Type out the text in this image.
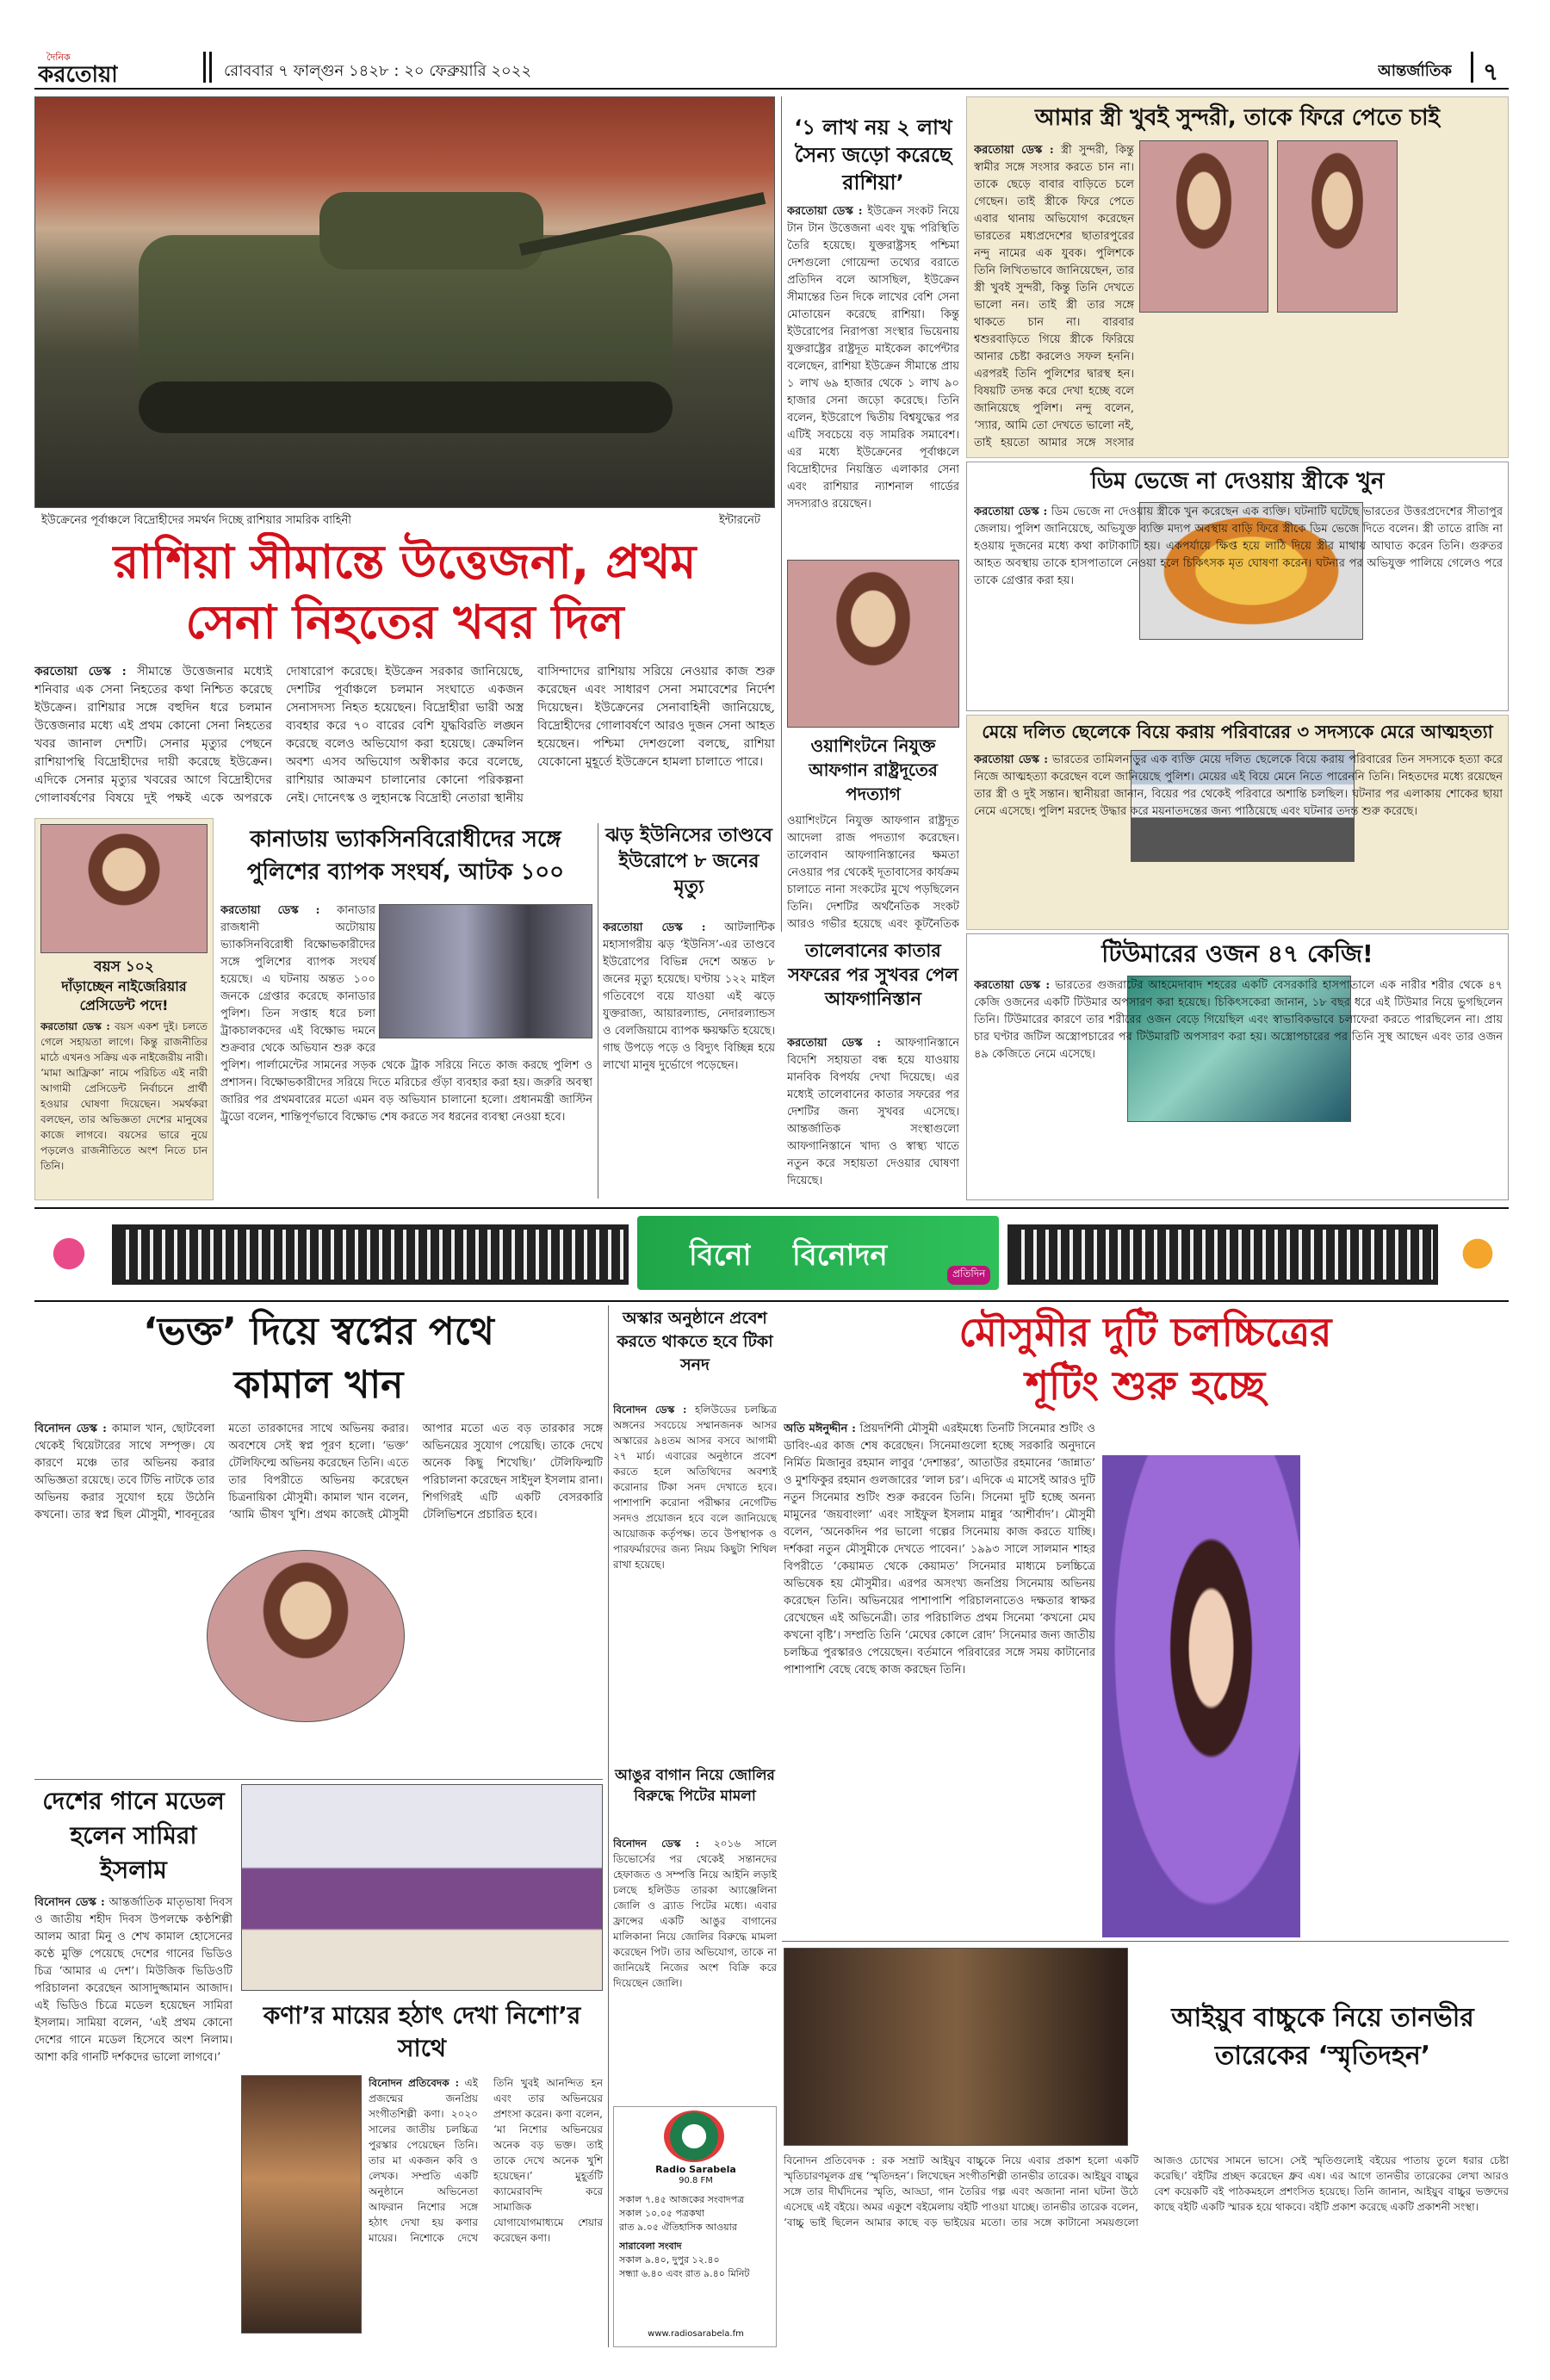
দৈনিক
করতোয়া	রোববার ৭ ফাল্গুন ১৪২৮ : ২০ ফেব্রুয়ারি ২০২২	আন্তর্জাতিক ৭
ইউক্রেনের পূর্বাঞ্চলে বিদ্রোহীদের সমর্থন দিচ্ছে রাশিয়ার সামরিক বাহিনী	ইন্টারনেট
রাশিয়া সীমান্তে উত্তেজনা, প্রথম
সেনা নিহতের খবর দিল
করতোয়া ডেস্ক : সীমান্তে উত্তেজনার মধ্যেই শনিবার এক সেনা নিহতের কথা নিশ্চিত করেছে ইউক্রেন। রাশিয়ার সঙ্গে বহুদিন ধরে চলমান উত্তেজনার মধ্যে এই প্রথম কোনো সেনা নিহতের খবর জানাল দেশটি। সেনার মৃত্যুর পেছনে রাশিয়াপন্থি বিদ্রোহীদের দায়ী করেছে ইউক্রেন। এদিকে সেনার মৃত্যুর খবরের আগে বিদ্রোহীদের গোলাবর্ষণের বিষয়ে দুই পক্ষই একে অপরকে দোষারোপ করেছে। ইউক্রেন সরকার জানিয়েছে, দেশটির পূর্বাঞ্চলে চলমান সংঘাতে একজন সেনাসদস্য নিহত হয়েছেন। বিদ্রোহীরা ভারী অস্ত্র ব্যবহার করে ৭০ বারের বেশি যুদ্ধবিরতি লঙ্ঘন করেছে বলেও অভিযোগ করা হয়েছে। ক্রেমলিন অবশ্য এসব অভিযোগ অস্বীকার করে বলেছে, রাশিয়ার আক্রমণ চালানোর কোনো পরিকল্পনা নেই। দোনেৎস্ক ও লুহানস্কে বিদ্রোহী নেতারা স্থানীয় বাসিন্দাদের রাশিয়ায় সরিয়ে নেওয়ার কাজ শুরু করেছেন এবং সাধারণ সেনা সমাবেশের নির্দেশ দিয়েছেন। ইউক্রেনের সেনাবাহিনী জানিয়েছে, বিদ্রোহীদের গোলাবর্ষণে আরও দুজন সেনা আহত হয়েছেন। পশ্চিমা দেশগুলো বলছে, রাশিয়া যেকোনো মুহূর্তে ইউক্রেনে হামলা চালাতে পারে।
‘১ লাখ নয় ২ লাখ সৈন্য জড়ো করেছে রাশিয়া’
করতোয়া ডেস্ক : ইউক্রেন সংকট নিয়ে টান টান উত্তেজনা এবং যুদ্ধ পরিস্থিতি তৈরি হয়েছে। যুক্তরাষ্ট্রসহ পশ্চিমা দেশগুলো গোয়েন্দা তথ্যের বরাতে প্রতিদিন বলে আসছিল, ইউক্রেন সীমান্তের তিন দিকে লাখের বেশি সেনা মোতায়েন করেছে রাশিয়া। কিন্তু ইউরোপের নিরাপত্তা সংস্থার ভিয়েনায় যুক্তরাষ্ট্রের রাষ্ট্রদূত মাইকেল কার্পেন্টার বলেছেন, রাশিয়া ইউক্রেন সীমান্তে প্রায় ১ লাখ ৬৯ হাজার থেকে ১ লাখ ৯০ হাজার সেনা জড়ো করেছে। তিনি বলেন, ইউরোপে দ্বিতীয় বিশ্বযুদ্ধের পর এটিই সবচেয়ে বড় সামরিক সমাবেশ। এর মধ্যে ইউক্রেনের পূর্বাঞ্চলে বিদ্রোহীদের নিয়ন্ত্রিত এলাকার সেনা এবং রাশিয়ার ন্যাশনাল গার্ডের সদস্যরাও রয়েছেন।
ওয়াশিংটনে নিযুক্ত আফগান রাষ্ট্রদূতের পদত্যাগ
ওয়াশিংটনে নিযুক্ত আফগান রাষ্ট্রদূত আদেলা রাজ পদত্যাগ করেছেন। তালেবান আফগানিস্তানের ক্ষমতা নেওয়ার পর থেকেই দূতাবাসের কার্যক্রম চালাতে নানা সংকটের মুখে পড়ছিলেন তিনি। দেশটির অর্থনৈতিক সংকট আরও গভীর হয়েছে এবং কূটনৈতিক
আমার স্ত্রী খুবই সুন্দরী, তাকে ফিরে পেতে চাই
করতোয়া ডেস্ক : স্ত্রী সুন্দরী, কিন্তু স্বামীর সঙ্গে সংসার করতে চান না। তাকে ছেড়ে বাবার বাড়িতে চলে গেছেন। তাই স্ত্রীকে ফিরে পেতে এবার থানায় অভিযোগ করেছেন ভারতের মধ্যপ্রদেশের ছাতারপুরের নন্দু নামের এক যুবক। পুলিশকে তিনি লিখিতভাবে জানিয়েছেন, তার স্ত্রী খুবই সুন্দরী, কিন্তু তিনি দেখতে ভালো নন। তাই স্ত্রী তার সঙ্গে থাকতে চান না। বারবার শ্বশুরবাড়িতে গিয়ে স্ত্রীকে ফিরিয়ে আনার চেষ্টা করলেও সফল হননি। এরপরই তিনি পুলিশের দ্বারস্থ হন। বিষয়টি তদন্ত করে দেখা হচ্ছে বলে জানিয়েছে পুলিশ। নন্দু বলেন, ‘স্যার, আমি তো দেখতে ভালো নই, তাই হয়তো আমার সঙ্গে সংসার
ডিম ভেজে না দেওয়ায় স্ত্রীকে খুন
করতোয়া ডেস্ক : ডিম ভেজে না দেওয়ায় স্ত্রীকে খুন করেছেন এক ব্যক্তি। ঘটনাটি ঘটেছে ভারতের উত্তরপ্রদেশের সীতাপুর জেলায়। পুলিশ জানিয়েছে, অভিযুক্ত ব্যক্তি মদ্যপ অবস্থায় বাড়ি ফিরে স্ত্রীকে ডিম ভেজে দিতে বলেন। স্ত্রী তাতে রাজি না হওয়ায় দুজনের মধ্যে কথা কাটাকাটি হয়। একপর্যায়ে ক্ষিপ্ত হয়ে লাঠি দিয়ে স্ত্রীর মাথায় আঘাত করেন তিনি। গুরুতর আহত অবস্থায় তাকে হাসপাতালে নেওয়া হলে চিকিৎসক মৃত ঘোষণা করেন। ঘটনার পর অভিযুক্ত পালিয়ে গেলেও পরে তাকে গ্রেপ্তার করা হয়।
মেয়ে দলিত ছেলেকে বিয়ে করায় পরিবারের ৩ সদস্যকে মেরে আত্মহত্যা
করতোয়া ডেস্ক : ভারতের তামিলনাড়ুর এক ব্যক্তি মেয়ে দলিত ছেলেকে বিয়ে করায় পরিবারের তিন সদস্যকে হত্যা করে নিজে আত্মহত্যা করেছেন বলে জানিয়েছে পুলিশ। মেয়ের এই বিয়ে মেনে নিতে পারেননি তিনি। নিহতদের মধ্যে রয়েছেন তার স্ত্রী ও দুই সন্তান। স্থানীয়রা জানান, বিয়ের পর থেকেই পরিবারে অশান্তি চলছিল। ঘটনার পর এলাকায় শোকের ছায়া নেমে এসেছে। পুলিশ মরদেহ উদ্ধার করে ময়নাতদন্তের জন্য পাঠিয়েছে এবং ঘটনার তদন্ত শুরু করেছে।
টিউমারের ওজন ৪৭ কেজি!
করতোয়া ডেস্ক : ভারতের গুজরাটের আহমেদাবাদ শহরের একটি বেসরকারি হাসপাতালে এক নারীর শরীর থেকে ৪৭ কেজি ওজনের একটি টিউমার অপসারণ করা হয়েছে। চিকিৎসকেরা জানান, ১৮ বছর ধরে এই টিউমার নিয়ে ভুগছিলেন তিনি। টিউমারের কারণে তার শরীরের ওজন বেড়ে গিয়েছিল এবং স্বাভাবিকভাবে চলাফেরা করতে পারছিলেন না। প্রায় চার ঘণ্টার জটিল অস্ত্রোপচারের পর টিউমারটি অপসারণ করা হয়। অস্ত্রোপচারের পর তিনি সুস্থ আছেন এবং তার ওজন ৪৯ কেজিতে নেমে এসেছে।
বয়স ১০২
দাঁড়াচ্ছেন নাইজেরিয়ার প্রেসিডেন্ট পদে!
করতোয়া ডেস্ক : বয়স একশ দুই। চলতে গেলে সহায়তা লাগে। কিন্তু রাজনীতির মাঠে এখনও সক্রিয় এক নাইজেরীয় নারী। ‘মামা আফ্রিকা’ নামে পরিচিত এই নারী আগামী প্রেসিডেন্ট নির্বাচনে প্রার্থী হওয়ার ঘোষণা দিয়েছেন। সমর্থকরা বলছেন, তার অভিজ্ঞতা দেশের মানুষের কাজে লাগবে। বয়সের ভারে নুয়ে পড়লেও রাজনীতিতে অংশ নিতে চান তিনি।
কানাডায় ভ্যাকসিনবিরোধীদের সঙ্গে পুলিশের ব্যাপক সংঘর্ষ, আটক ১০০
করতোয়া ডেস্ক : কানাডার রাজধানী অটোয়ায় ভ্যাকসিনবিরোধী বিক্ষোভকারীদের সঙ্গে পুলিশের ব্যাপক সংঘর্ষ হয়েছে। এ ঘটনায় অন্তত ১০০ জনকে গ্রেপ্তার করেছে কানাডার পুলিশ। তিন সপ্তাহ ধরে চলা ট্রাকচালকদের এই বিক্ষোভ দমনে শুক্রবার থেকে অভিযান শুরু করে পুলিশ। পার্লামেন্টের সামনের সড়ক থেকে ট্রাক সরিয়ে নিতে কাজ করছে পুলিশ ও প্রশাসন। বিক্ষোভকারীদের সরিয়ে দিতে মরিচের গুঁড়া ব্যবহার করা হয়। জরুরি অবস্থা জারির পর প্রথমবারের মতো এমন বড় অভিযান চালানো হলো। প্রধানমন্ত্রী জাস্টিন ট্রুডো বলেন, শান্তিপূর্ণভাবে বিক্ষোভ শেষ করতে সব ধরনের ব্যবস্থা নেওয়া হবে।
ঝড় ইউনিসের তাণ্ডবে ইউরোপে ৮ জনের মৃত্যু
করতোয়া ডেস্ক : আটলান্টিক মহাসাগরীয় ঝড় ‘ইউনিস’-এর তাণ্ডবে ইউরোপের বিভিন্ন দেশে অন্তত ৮ জনের মৃত্যু হয়েছে। ঘণ্টায় ১২২ মাইল গতিবেগে বয়ে যাওয়া এই ঝড়ে যুক্তরাজ্য, আয়ারল্যান্ড, নেদারল্যান্ডস ও বেলজিয়ামে ব্যাপক ক্ষয়ক্ষতি হয়েছে। গাছ উপড়ে পড়ে ও বিদ্যুৎ বিচ্ছিন্ন হয়ে লাখো মানুষ দুর্ভোগে পড়েছেন।
তালেবানের কাতার সফরের পর সুখবর পেল আফগানিস্তান
করতোয়া ডেস্ক : আফগানিস্তানে বিদেশি সহায়তা বন্ধ হয়ে যাওয়ায় মানবিক বিপর্যয় দেখা দিয়েছে। এর মধ্যেই তালেবানের কাতার সফরের পর দেশটির জন্য সুখবর এসেছে। আন্তর্জাতিক সংস্থাগুলো আফগানিস্তানে খাদ্য ও স্বাস্থ্য খাতে নতুন করে সহায়তা দেওয়ার ঘোষণা দিয়েছে।
বিনো বিনোদন
প্রতিদিন
‘ভক্ত’ দিয়ে স্বপ্নের পথে
কামাল খান
বিনোদন ডেস্ক : কামাল খান, ছোটবেলা থেকেই থিয়েটারের সাথে সম্পৃক্ত। যে কারণে মঞ্চে তার অভিনয় করার অভিজ্ঞতা রয়েছে। তবে টিভি নাটকে তার অভিনয় করার সুযোগ হয়ে উঠেনি কখনো। তার স্বপ্ন ছিল মৌসুমী, শাবনূরের মতো তারকাদের সাথে অভিনয় করার। অবশেষে সেই স্বপ্ন পূরণ হলো। ‘ভক্ত’ টেলিফিল্মে অভিনয় করেছেন তিনি। এতে তার বিপরীতে অভিনয় করেছেন চিত্রনায়িকা মৌসুমী। কামাল খান বলেন, ‘আমি ভীষণ খুশি। প্রথম কাজেই মৌসুমী আপার মতো এত বড় তারকার সঙ্গে অভিনয়ের সুযোগ পেয়েছি। তাকে দেখে অনেক কিছু শিখেছি।’ টেলিফিল্মটি পরিচালনা করেছেন সাইদুল ইসলাম রানা। শিগগিরই এটি একটি বেসরকারি টেলিভিশনে প্রচারিত হবে।
দেশের গানে মডেল হলেন সামিরা ইসলাম
বিনোদন ডেস্ক : আন্তর্জাতিক মাতৃভাষা দিবস ও জাতীয় শহীদ দিবস উপলক্ষে কণ্ঠশিল্পী আলম আরা মিনু ও শেখ কামাল হোসেনের কণ্ঠে মুক্তি পেয়েছে দেশের গানের ভিডিও চিত্র ‘আমার এ দেশ’। মিউজিক ভিডিওটি পরিচালনা করেছেন আসাদুজ্জামান আজাদ। এই ভিডিও চিত্রে মডেল হয়েছেন সামিরা ইসলাম। সামিয়া বলেন, ‘এই প্রথম কোনো দেশের গানে মডেল হিসেবে অংশ নিলাম। আশা করি গানটি দর্শকদের ভালো লাগবে।’
কণা’র মায়ের হঠাৎ দেখা নিশো’র সাথে
বিনোদন প্রতিবেদক : এই প্রজন্মের জনপ্রিয় সংগীতশিল্পী কণা। ২০২০ সালের জাতীয় চলচ্চিত্র পুরস্কার পেয়েছেন তিনি। তার মা একজন কবি ও লেখক। সম্প্রতি একটি অনুষ্ঠানে অভিনেতা আফরান নিশোর সঙ্গে হঠাৎ দেখা হয় কণার মায়ের। নিশোকে দেখে তিনি খুবই আনন্দিত হন এবং তার অভিনয়ের প্রশংসা করেন। কণা বলেন, ‘মা নিশোর অভিনয়ের অনেক বড় ভক্ত। তাই তাকে দেখে অনেক খুশি হয়েছেন।’ মুহূর্তটি ক্যামেরাবন্দি করে সামাজিক যোগাযোগমাধ্যমে শেয়ার করেছেন কণা।
অস্কার অনুষ্ঠানে প্রবেশ করতে থাকতে হবে টিকা সনদ
বিনোদন ডেস্ক : হলিউডের চলচ্চিত্র অঙ্গনের সবচেয়ে সম্মানজনক আসর অস্কারের ৯৪তম আসর বসবে আগামী ২৭ মার্চ। এবারের অনুষ্ঠানে প্রবেশ করতে হলে অতিথিদের অবশ্যই করোনার টিকা সনদ দেখাতে হবে। পাশাপাশি করোনা পরীক্ষার নেগেটিভ সনদও প্রয়োজন হবে বলে জানিয়েছে আয়োজক কর্তৃপক্ষ। তবে উপস্থাপক ও পারফর্মারদের জন্য নিয়ম কিছুটা শিথিল রাখা হয়েছে।
আঙুর বাগান নিয়ে জোলির বিরুদ্ধে পিটের মামলা
বিনোদন ডেস্ক : ২০১৬ সালে ডিভোর্সের পর থেকেই সন্তানদের হেফাজত ও সম্পত্তি নিয়ে আইনি লড়াই চলছে হলিউড তারকা অ্যাঞ্জেলিনা জোলি ও ব্র্যাড পিটের মধ্যে। এবার ফ্রান্সের একটি আঙুর বাগানের মালিকানা নিয়ে জোলির বিরুদ্ধে মামলা করেছেন পিট। তার অভিযোগ, তাকে না জানিয়েই নিজের অংশ বিক্রি করে দিয়েছেন জোলি।
Radio Sarabela
90.8 FM
সকাল ৭.৪৫ আজকের সংবাদপত্র
সকাল ১০.০৫ পত্রকথা
রাত ৯.০৫ ঐতিহাসিক আওয়ার
সারাবেলা সংবাদ
সকাল ৯.৪০, দুপুর ১২.৪০
সন্ধ্যা ৬.৪০ এবং রাত ৯.৪০ মিনিট
www.radiosarabela.fm
মৌসুমীর দুটি চলচ্চিত্রের
শূটিং শুরু হচ্ছে
অতি মঈনুদ্দীন : প্রিয়দর্শিনী মৌসুমী এরইমধ্যে তিনটি সিনেমার শুটিং ও ডাবিং-এর কাজ শেষ করেছেন। সিনেমাগুলো হচ্ছে সরকারি অনুদানে নির্মিত মিজানুর রহমান লাবুর ‘দেশান্তর’, আতাউর রহমানের ‘জান্নাত’ ও মুশফিকুর রহমান গুলজারের ‘লাল চর’। এদিকে এ মাসেই আরও দুটি নতুন সিনেমার শুটিং শুরু করবেন তিনি। সিনেমা দুটি হচ্ছে অনন্য মামুনের ‘জয়বাংলা’ এবং সাইফুল ইসলাম মান্নুর ‘আশীর্বাদ’। মৌসুমী বলেন, ‘অনেকদিন পর ভালো গল্পের সিনেমায় কাজ করতে যাচ্ছি। দর্শকরা নতুন মৌসুমীকে দেখতে পাবেন।’ ১৯৯৩ সালে সালমান শাহর বিপরীতে ‘কেয়ামত থেকে কেয়ামত’ সিনেমার মাধ্যমে চলচ্চিত্রে অভিষেক হয় মৌসুমীর। এরপর অসংখ্য জনপ্রিয় সিনেমায় অভিনয় করেছেন তিনি। অভিনয়ের পাশাপাশি পরিচালনাতেও দক্ষতার স্বাক্ষর রেখেছেন এই অভিনেত্রী। তার পরিচালিত প্রথম সিনেমা ‘কখনো মেঘ কখনো বৃষ্টি’। সম্প্রতি তিনি ‘মেঘের কোলে রোদ’ সিনেমার জন্য জাতীয় চলচ্চিত্র পুরস্কারও পেয়েছেন। বর্তমানে পরিবারের সঙ্গে সময় কাটানোর পাশাপাশি বেছে বেছে কাজ করছেন তিনি।
আইয়ুব বাচ্চুকে নিয়ে তানভীর
তারেকের ‘স্মৃতিদহন’
বিনোদন প্রতিবেদক : রক সম্রাট আইয়ুব বাচ্চুকে নিয়ে এবার প্রকাশ হলো একটি স্মৃতিচারণমূলক গ্রন্থ ‘স্মৃতিদহন’। লিখেছেন সংগীতশিল্পী তানভীর তারেক। আইয়ুব বাচ্চুর সঙ্গে তার দীর্ঘদিনের স্মৃতি, আড্ডা, গান তৈরির গল্প এবং অজানা নানা ঘটনা উঠে এসেছে এই বইয়ে। অমর একুশে বইমেলায় বইটি পাওয়া যাচ্ছে। তানভীর তারেক বলেন, ‘বাচ্চু ভাই ছিলেন আমার কাছে বড় ভাইয়ের মতো। তার সঙ্গে কাটানো সময়গুলো আজও চোখের সামনে ভাসে। সেই স্মৃতিগুলোই বইয়ের পাতায় তুলে ধরার চেষ্টা করেছি।’ বইটির প্রচ্ছদ করেছেন ধ্রুব এষ। এর আগে তানভীর তারেকের লেখা আরও বেশ কয়েকটি বই পাঠকমহলে প্রশংসিত হয়েছে। তিনি জানান, আইয়ুব বাচ্চুর ভক্তদের কাছে বইটি একটি স্মারক হয়ে থাকবে। বইটি প্রকাশ করেছে একটি প্রকাশনী সংস্থা।
